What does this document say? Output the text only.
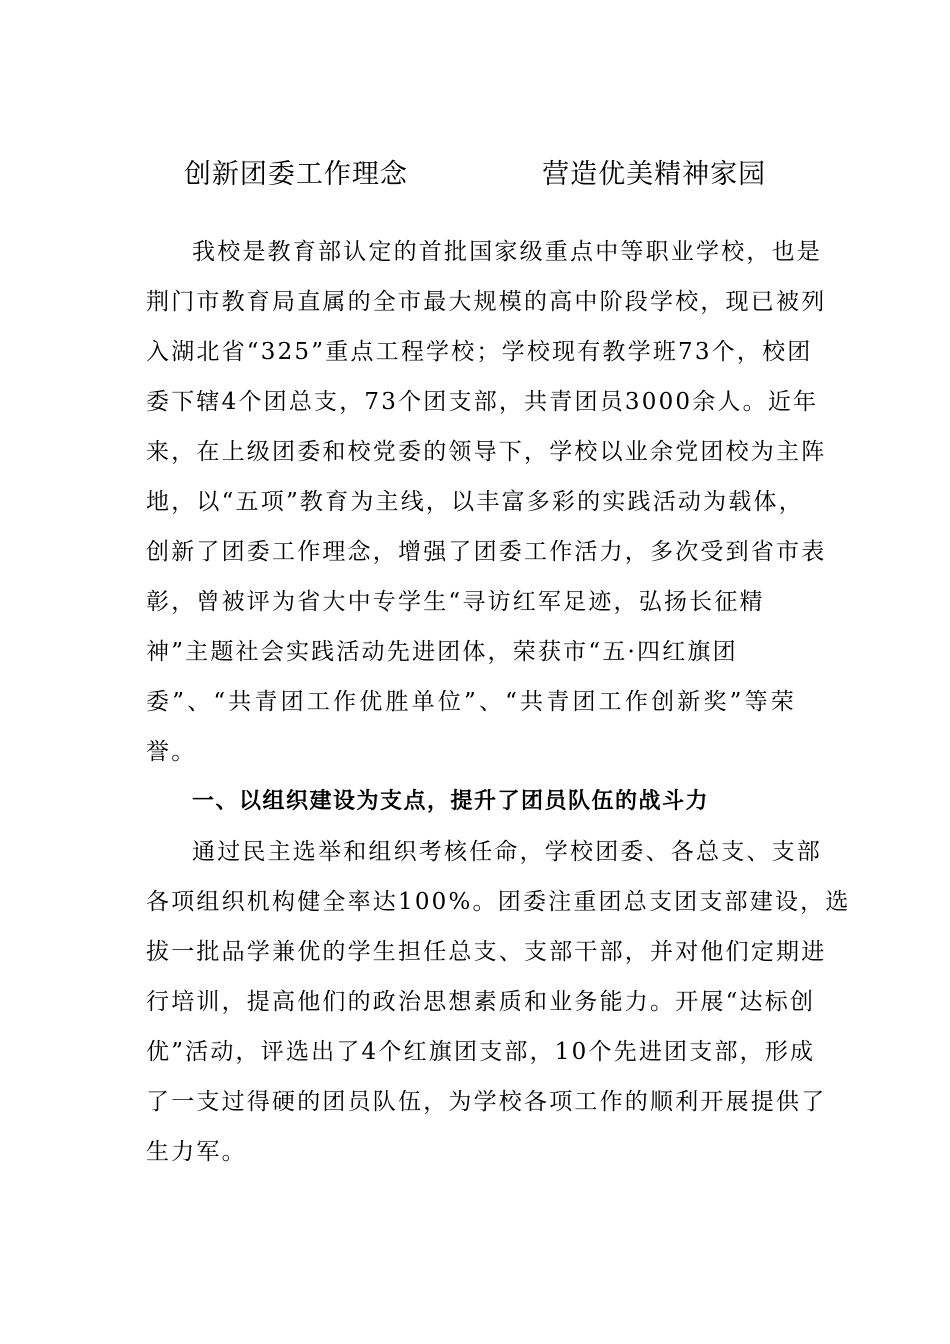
创新团委工作理念    营造优美精神家园
我校是教育部认定的首批国家级重点中等职业学校，也是
荆门市教育局直属的全市最大规模的高中阶段学校，现已被列
入湖北省“325”重点工程学校；学校现有教学班73个，校团
委下辖4个团总支，73个团支部，共青团员3000余人。近年
来，在上级团委和校党委的领导下，学校以业余党团校为主阵
地，以“五项”教育为主线，以丰富多彩的实践活动为载体，
创新了团委工作理念，增强了团委工作活力，多次受到省市表
彰，曾被评为省大中专学生“寻访红军足迹，弘扬长征精
神”主题社会实践活动先进团体，荣获市“五·四红旗团
委”、“共青团工作优胜单位”、“共青团工作创新奖”等荣
誉。
一、以组织建设为支点，提升了团员队伍的战斗力
通过民主选举和组织考核任命，学校团委、各总支、支部
各项组织机构健全率达100%。团委注重团总支团支部建设，选
拔一批品学兼优的学生担任总支、支部干部，并对他们定期进
行培训，提高他们的政治思想素质和业务能力。开展“达标创
优”活动，评选出了4个红旗团支部，10个先进团支部，形成
了一支过得硬的团员队伍，为学校各项工作的顺利开展提供了
生力军。
